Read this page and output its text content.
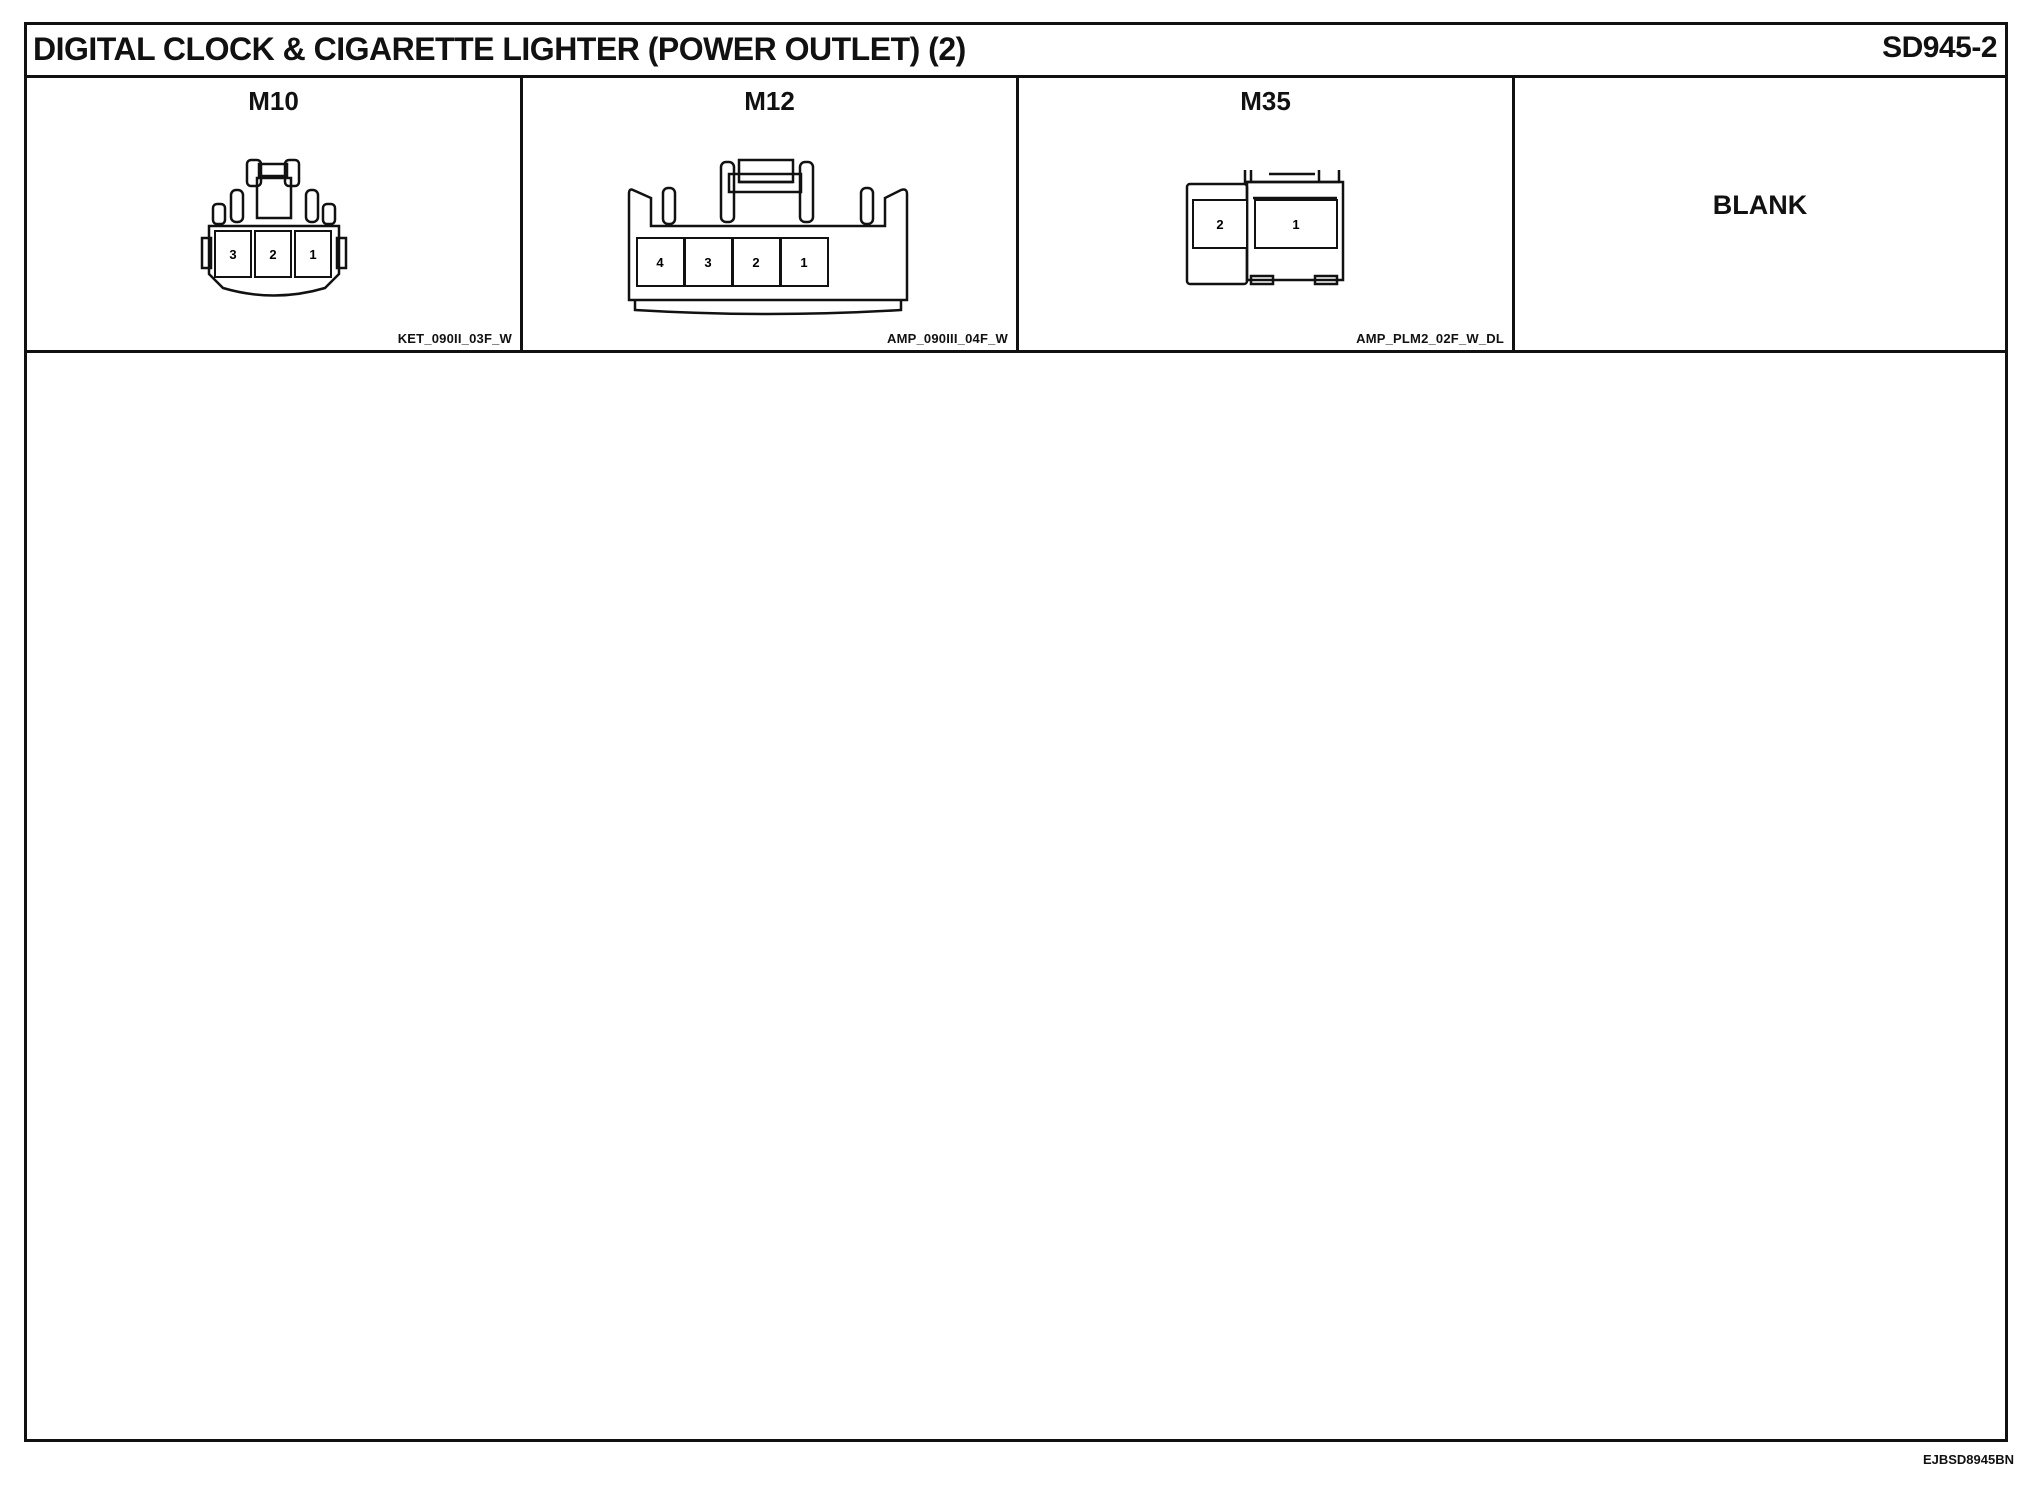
DIGITAL CLOCK & CIGARETTE LIGHTER (POWER OUTLET) (2)	SD945-2
M10
3	2	1
KET_090II_03F_W
M12
4	3	2	1
AMP_090III_04F_W
M35
2	1
AMP_PLM2_02F_W_DL
BLANK
EJBSD8945BN
